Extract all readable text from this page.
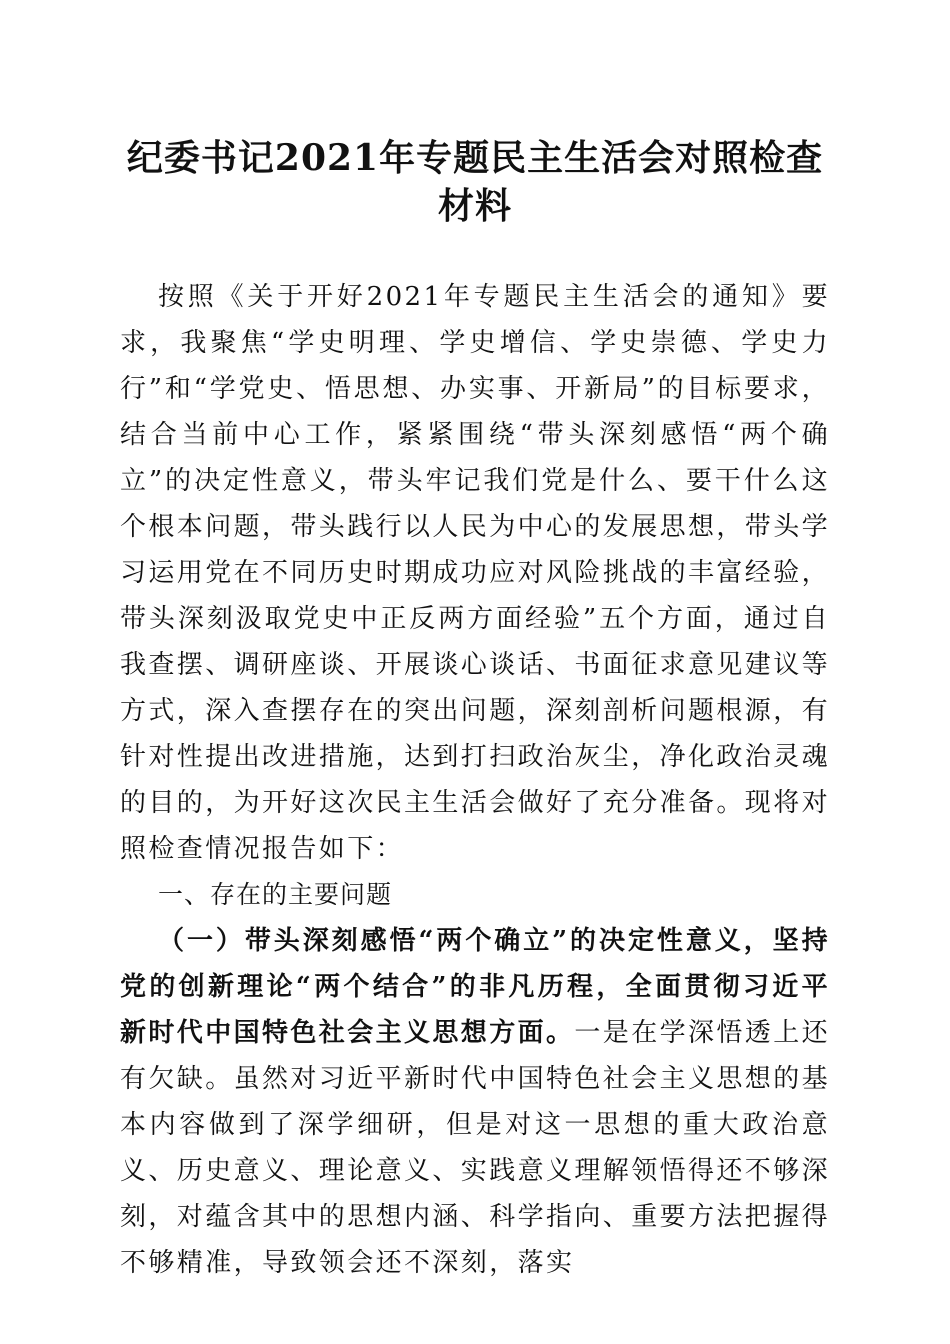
纪委书记2021年专题民主生活会对照检查材料

按照《关于开好2021年专题民主生活会的通知》要求，我聚焦“学史明理、学史增信、学史崇德、学史力行”和“学党史、悟思想、办实事、开新局”的目标要求，结合当前中心工作，紧紧围绕“带头深刻感悟“两个确立”的决定性意义，带头牢记我们党是什么、要干什么这个根本问题，带头践行以人民为中心的发展思想，带头学习运用党在不同历史时期成功应对风险挑战的丰富经验，带头深刻汲取党史中正反两方面经验”五个方面，通过自我查摆、调研座谈、开展谈心谈话、书面征求意见建议等方式，深入查摆存在的突出问题，深刻剖析问题根源，有针对性提出改进措施，达到打扫政治灰尘，净化政治灵魂的目的，为开好这次民主生活会做好了充分准备。现将对照检查情况报告如下：

一、存在的主要问题

（一）带头深刻感悟“两个确立”的决定性意义，坚持党的创新理论“两个结合”的非凡历程，全面贯彻习近平新时代中国特色社会主义思想方面。一是在学深悟透上还有欠缺。虽然对习近平新时代中国特色社会主义思想的基本内容做到了深学细研，但是对这一思想的重大政治意义、历史意义、理论意义、实践意义理解领悟得还不够深刻，对蕴含其中的思想内涵、科学指向、重要方法把握得不够精准，导致领会还不深刻，落实
